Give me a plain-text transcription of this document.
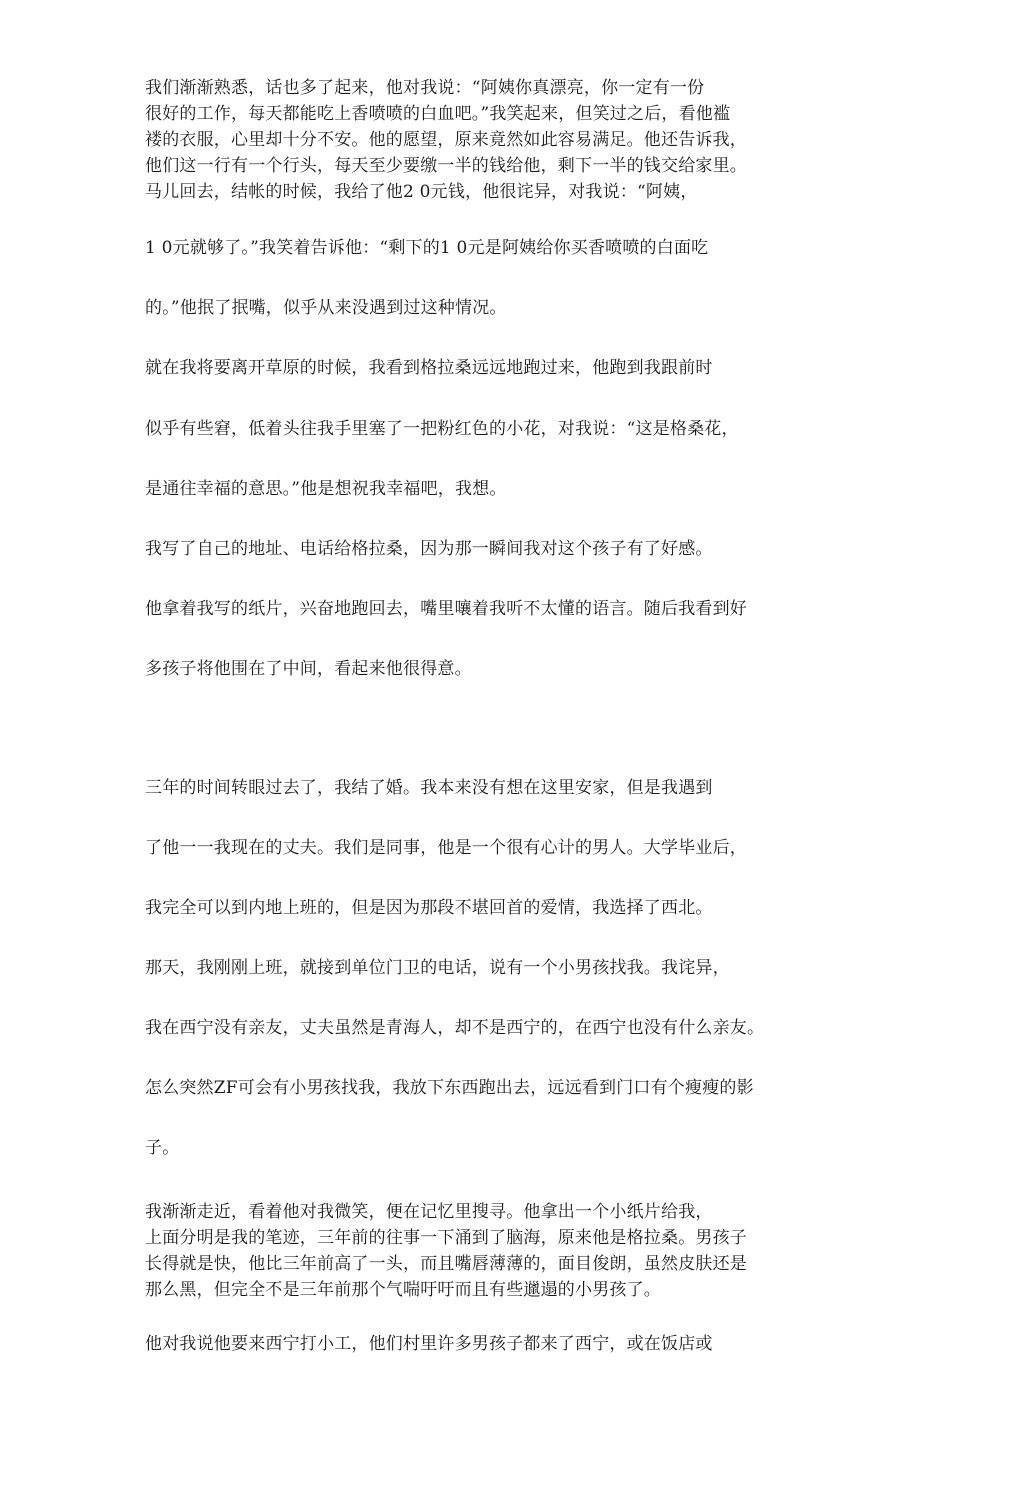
我们渐渐熟悉，话也多了起来，他对我说：“阿姨你真漂亮，你一定有一份
很好的工作，每天都能吃上香喷喷的白血吧。”我笑起来，但笑过之后，看他褴
褛的衣服，心里却十分不安。他的愿望，原来竟然如此容易满足。他还告诉我，
他们这一行有一个行头，每天至少要缴一半的钱给他，剩下一半的钱交给家里。
马儿回去，结帐的时候，我给了他2 0元钱，他很诧异，对我说：“阿姨，
1 0元就够了。”我笑着告诉他：“剩下的1 0元是阿姨给你买香喷喷的白面吃
的。”他抿了抿嘴，似乎从来没遇到过这种情况。
就在我将要离开草原的时候，我看到格拉桑远远地跑过来，他跑到我跟前时
似乎有些窘，低着头往我手里塞了一把粉红色的小花，对我说：“这是格桑花，
是通往幸福的意思。”他是想祝我幸福吧，我想。
我写了自己的地址、电话给格拉桑，因为那一瞬间我对这个孩子有了好感。
他拿着我写的纸片，兴奋地跑回去，嘴里嚷着我听不太懂的语言。随后我看到好
多孩子将他围在了中间，看起来他很得意。
三年的时间转眼过去了，我结了婚。我本来没有想在这里安家，但是我遇到
了他一一我现在的丈夫。我们是同事，他是一个很有心计的男人。大学毕业后，
我完全可以到内地上班的，但是因为那段不堪回首的爱情，我选择了西北。
那天，我刚刚上班，就接到单位门卫的电话，说有一个小男孩找我。我诧异，
我在西宁没有亲友，丈夫虽然是青海人，却不是西宁的，在西宁也没有什么亲友。
怎么突然ZF可会有小男孩找我，我放下东西跑出去，远远看到门口有个瘦瘦的影
子。
我渐渐走近，看着他对我微笑，便在记忆里搜寻。他拿出一个小纸片给我，
上面分明是我的笔迹，三年前的往事一下涌到了脑海，原来他是格拉桑。男孩子
长得就是快，他比三年前高了一头，而且嘴唇薄薄的，面目俊朗，虽然皮肤还是
那么黑，但完全不是三年前那个气喘吁吁而且有些邋遢的小男孩了。
他对我说他要来西宁打小工，他们村里许多男孩子都来了西宁，或在饭店或
